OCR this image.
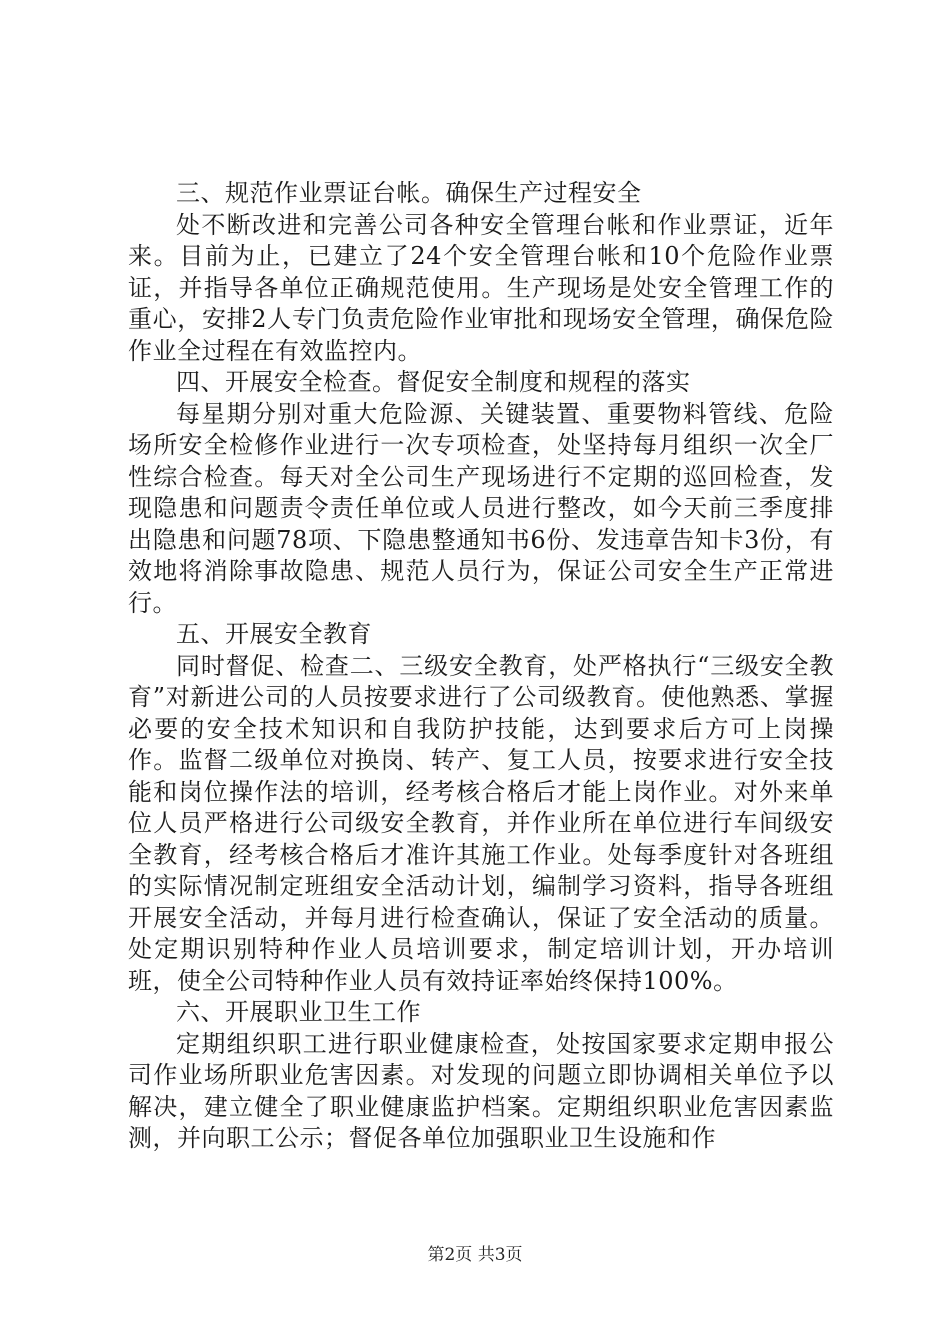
三、规范作业票证台帐。确保生产过程安全

处不断改进和完善公司各种安全管理台帐和作业票证，近年来。目前为止，已建立了24个安全管理台帐和10个危险作业票证，并指导各单位正确规范使用。生产现场是处安全管理工作的重心，安排2人专门负责危险作业审批和现场安全管理，确保危险作业全过程在有效监控内。

四、开展安全检查。督促安全制度和规程的落实

每星期分别对重大危险源、关键装置、重要物料管线、危险场所安全检修作业进行一次专项检查，处坚持每月组织一次全厂性综合检查。每天对全公司生产现场进行不定期的巡回检查，发现隐患和问题责令责任单位或人员进行整改，如今天前三季度排出隐患和问题78项、下隐患整通知书6份、发违章告知卡3份，有效地将消除事故隐患、规范人员行为，保证公司安全生产正常进行。

五、开展安全教育

同时督促、检查二、三级安全教育，处严格执行“三级安全教育”对新进公司的人员按要求进行了公司级教育。使他熟悉、掌握必要的安全技术知识和自我防护技能，达到要求后方可上岗操作。监督二级单位对换岗、转产、复工人员，按要求进行安全技能和岗位操作法的培训，经考核合格后才能上岗作业。对外来单位人员严格进行公司级安全教育，并作业所在单位进行车间级安全教育，经考核合格后才准许其施工作业。处每季度针对各班组的实际情况制定班组安全活动计划，编制学习资料，指导各班组开展安全活动，并每月进行检查确认，保证了安全活动的质量。处定期识别特种作业人员培训要求，制定培训计划，开办培训班，使全公司特种作业人员有效持证率始终保持100%。

六、开展职业卫生工作

定期组织职工进行职业健康检查，处按国家要求定期申报公司作业场所职业危害因素。对发现的问题立即协调相关单位予以解决，建立健全了职业健康监护档案。定期组织职业危害因素监测，并向职工公示；督促各单位加强职业卫生设施和作

第2页 共3页
